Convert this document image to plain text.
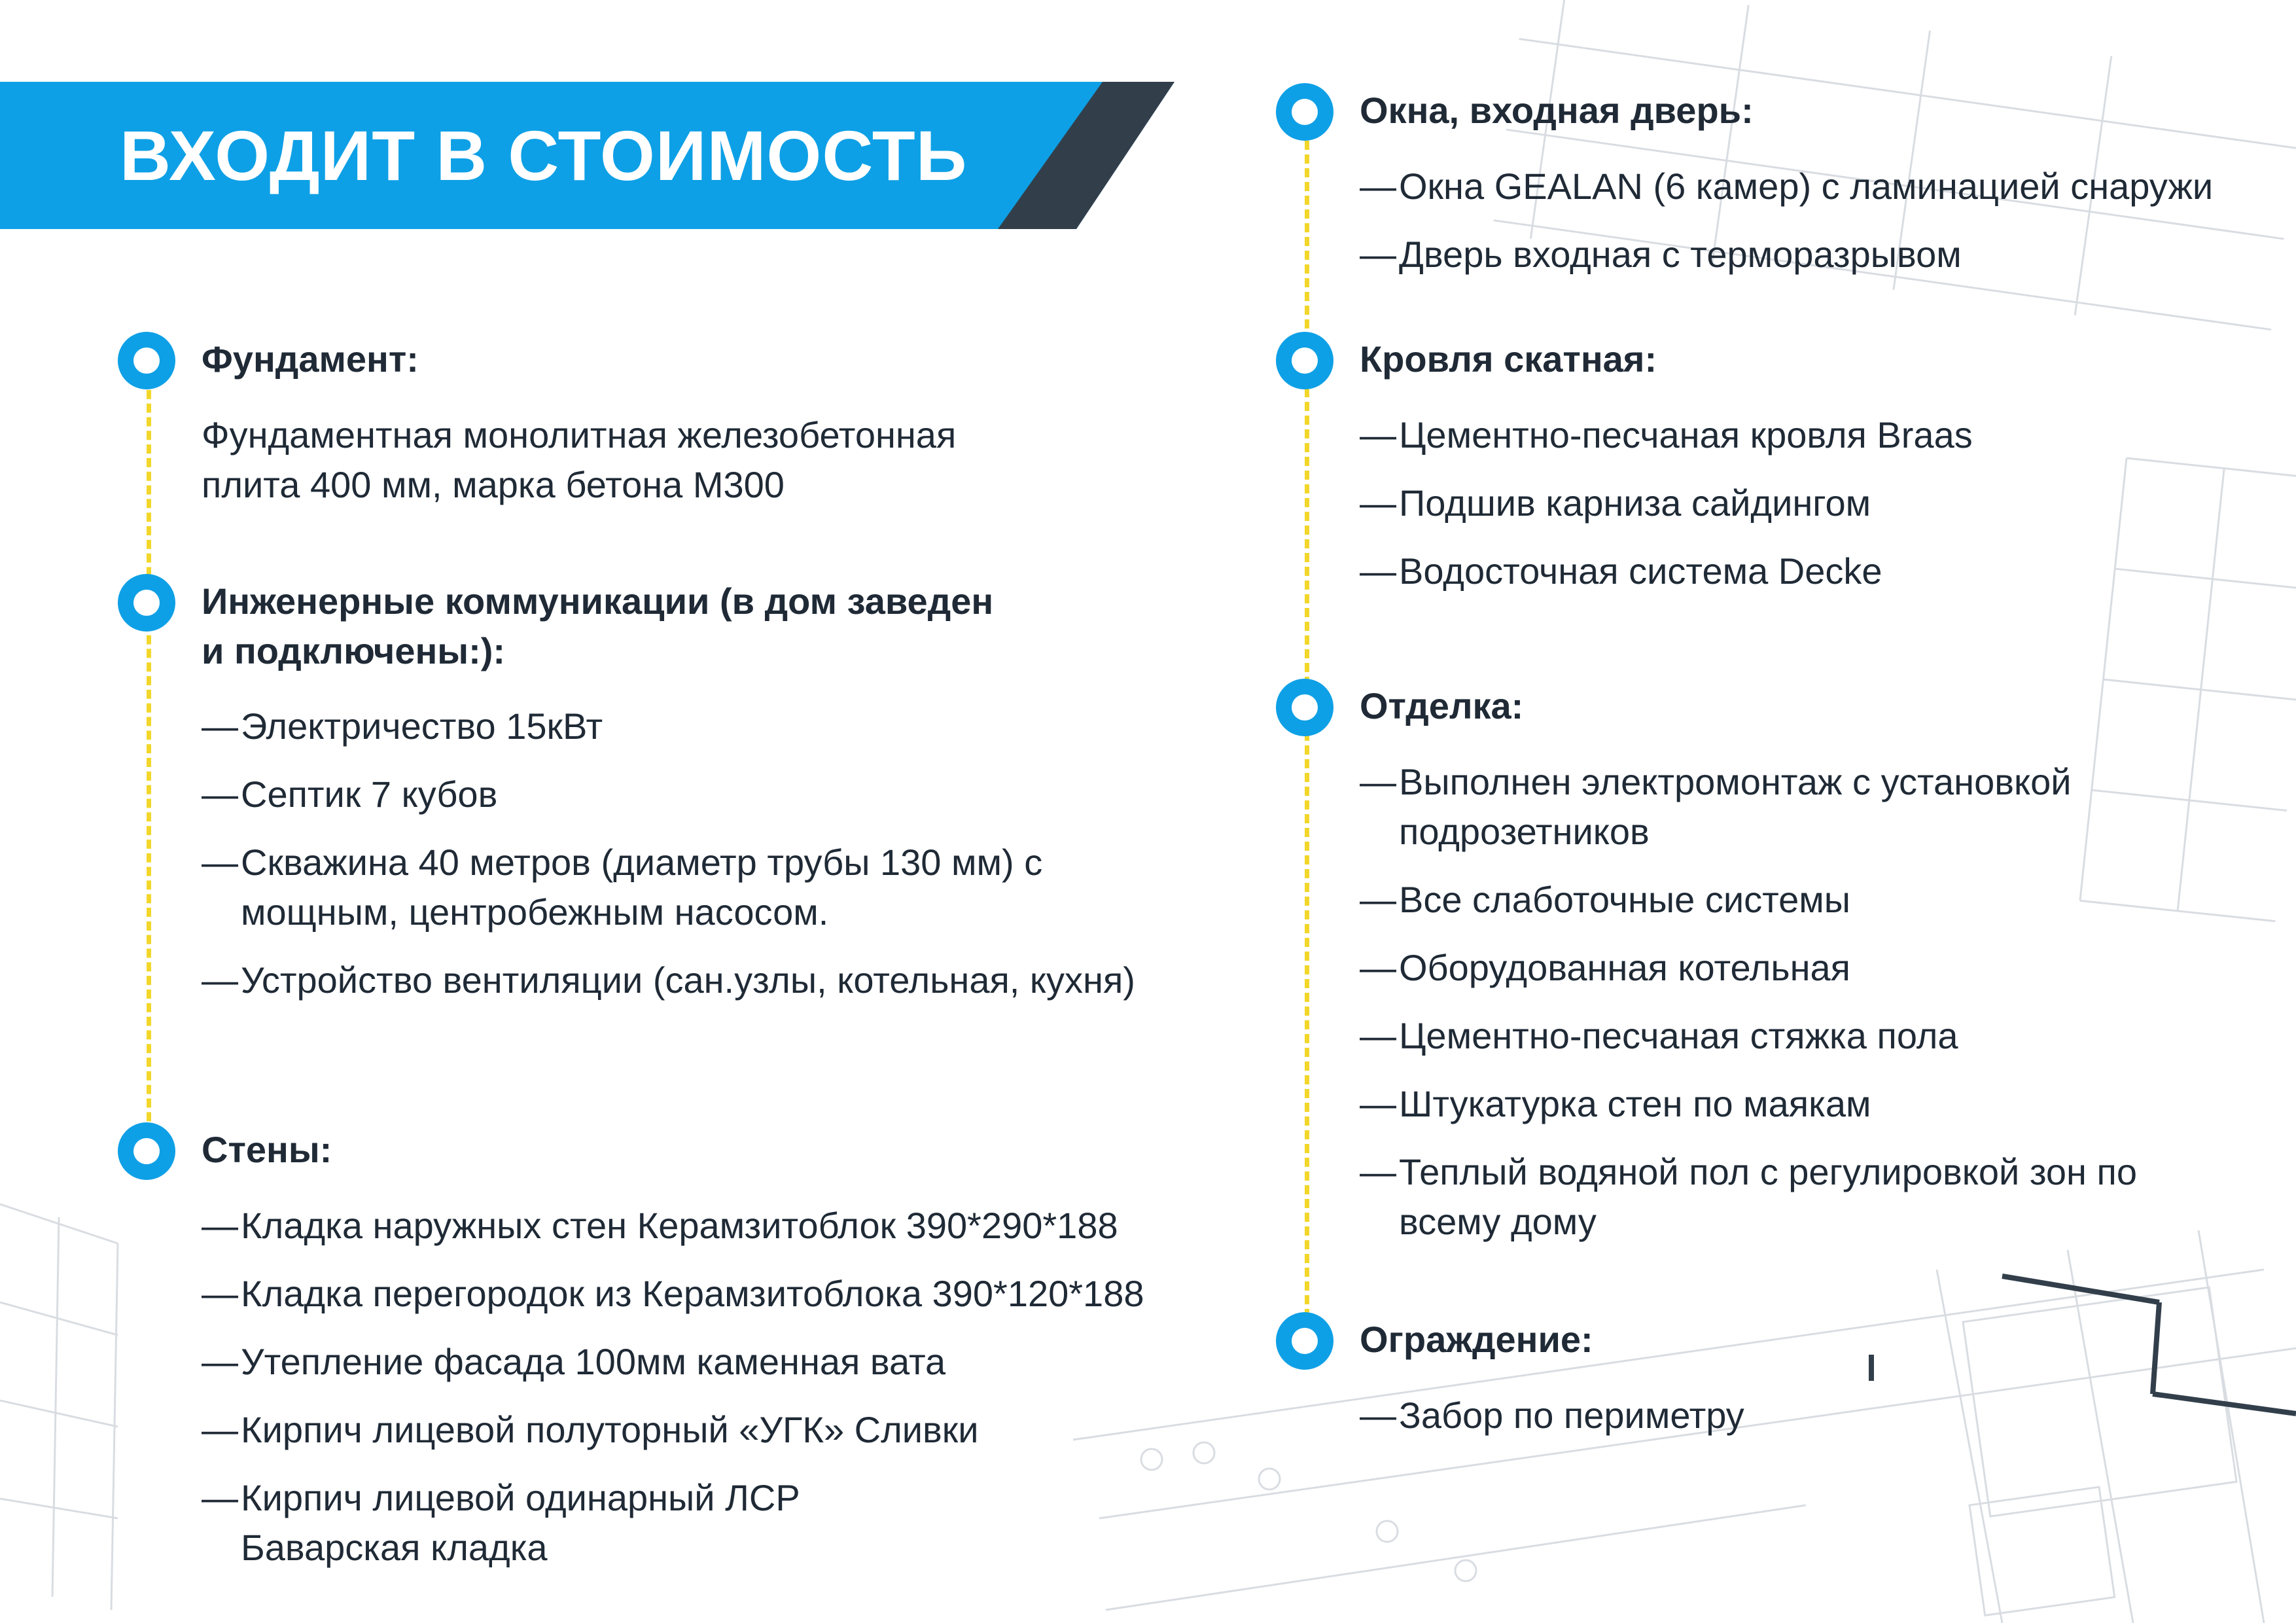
ВХОДИТ В СТОИМОСТЬ
Фундамент:
Фундаментная монолитная железобетонная
плита 400 мм, марка бетона М300
Инженерные коммуникации (в дом заведен
и подключены:):
— Электричество 15кВт
— Септик 7 кубов
— Скважина 40 метров (диаметр трубы 130 мм) с мощным, центробежным насосом.
— Устройство вентиляции (сан.узлы, котельная, кухня)
Стены:
— Кладка наружных стен Керамзитоблок 390*290*188
— Кладка перегородок из Керамзитоблока 390*120*188
— Утепление фасада 100мм каменная вата
— Кирпич лицевой полуторный «УГК» Сливки
— Кирпич лицевой одинарный ЛСР Баварская кладка
Окна, входная дверь:
— Окна GEALAN (6 камер) с ламинацией снаружи
— Дверь входная с терморазрывом
Кровля скатная:
— Цементно-песчаная кровля Braas
— Подшив карниза сайдингом
— Водосточная система Decke
Отделка:
— Выполнен электромонтаж с установкой подрозетников
— Все слаботочные системы
— Оборудованная котельная
— Цементно-песчаная стяжка пола
— Штукатурка стен по маякам
— Теплый водяной пол с регулировкой зон по всему дому
Ограждение:
— Забор по периметру
